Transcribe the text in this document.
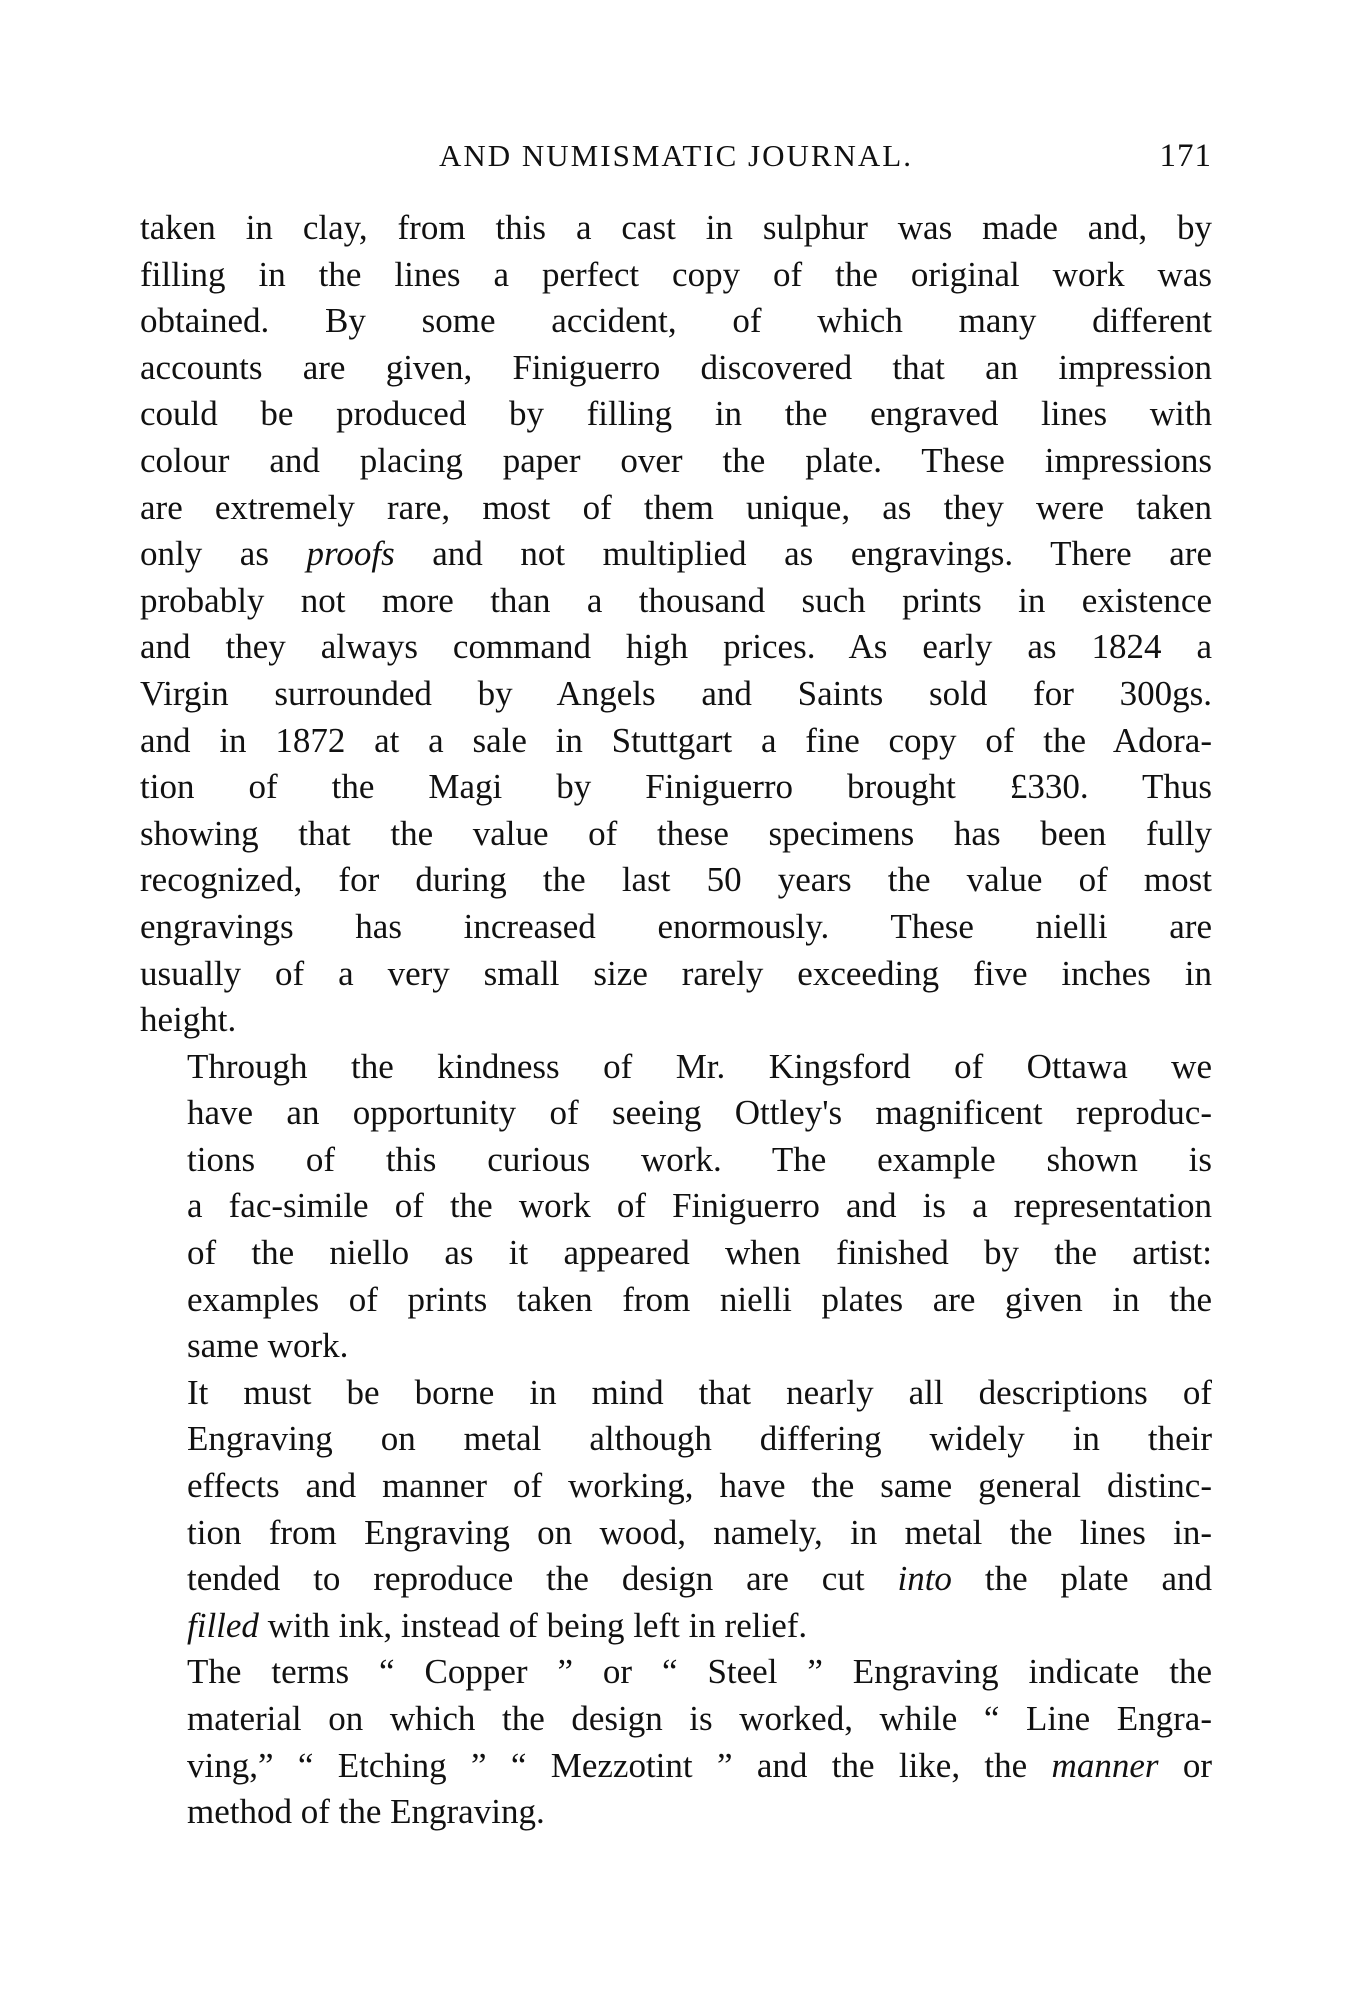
AND NUMISMATIC JOURNAL.	171

taken in clay, from this a cast in sulphur was made and, by
filling in the lines a perfect copy of the original work was
obtained. By some accident, of which many different
accounts are given, Finiguerro discovered that an impression
could be produced by filling in the engraved lines with
colour and placing paper over the plate. These impressions
are extremely rare, most of them unique, as they were taken
only as proofs and not multiplied as engravings. There are
probably not more than a thousand such prints in existence
and they always command high prices. As early as 1824 a
Virgin surrounded by Angels and Saints sold for 300gs.
and in 1872 at a sale in Stuttgart a fine copy of the Adora-
tion of the Magi by Finiguerro brought £330. Thus
showing that the value of these specimens has been fully
recognized, for during the last 50 years the value of most
engravings has increased enormously. These nielli are
usually of a very small size rarely exceeding five inches in
height.

Through the kindness of Mr. Kingsford of Ottawa we
have an opportunity of seeing Ottley's magnificent reproduc-
tions of this curious work. The example shown is
a fac-simile of the work of Finiguerro and is a representation
of the niello as it appeared when finished by the artist:
examples of prints taken from nielli plates are given in the
same work.

It must be borne in mind that nearly all descriptions of
Engraving on metal although differing widely in their
effects and manner of working, have the same general distinc-
tion from Engraving on wood, namely, in metal the lines in-
tended to reproduce the design are cut into the plate and
filled with ink, instead of being left in relief.

The terms “ Copper ” or “ Steel ” Engraving indicate the
material on which the design is worked, while “ Line Engra-
ving,” “ Etching ” “ Mezzotint ” and the like, the manner or
method of the Engraving.
